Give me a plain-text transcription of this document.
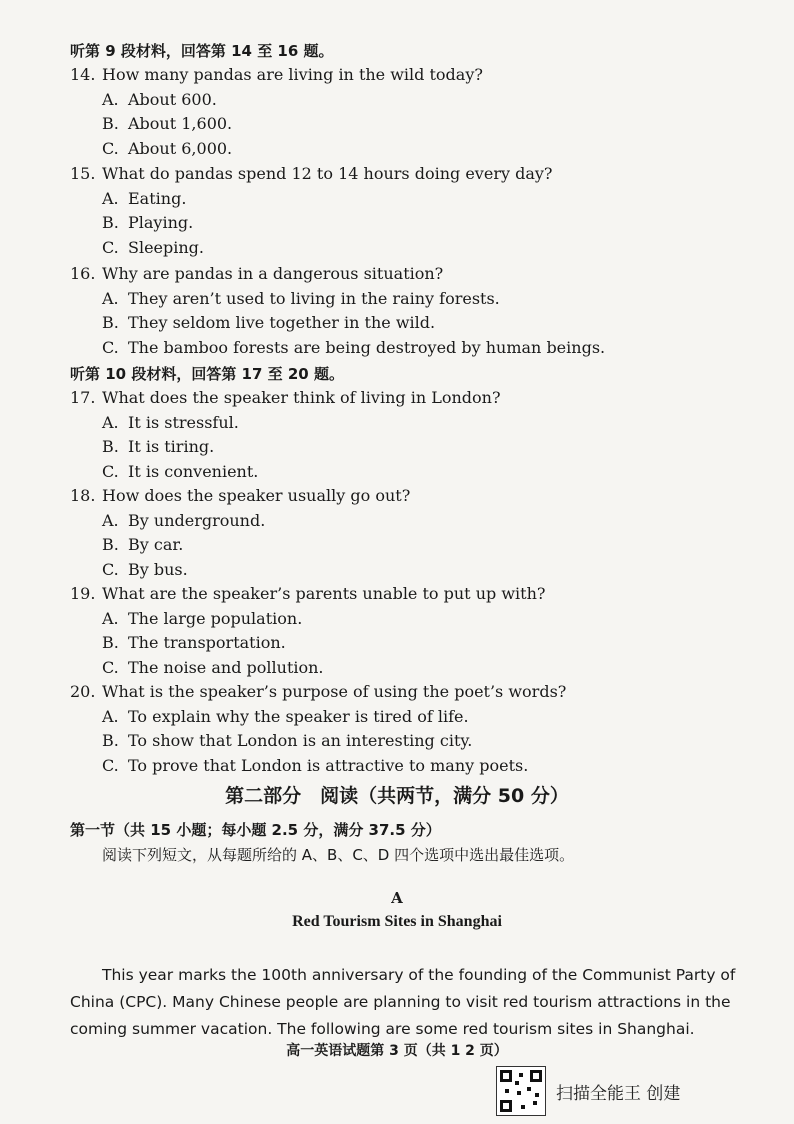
听第 9 段材料，回答第 14 至 16 题。
14. How many pandas are living in the wild today?
A. About 600.
B. About 1,600.
C. About 6,000.
15. What do pandas spend 12 to 14 hours doing every day?
A. Eating.
B. Playing.
C. Sleeping.
16. Why are pandas in a dangerous situation?
A. They aren’t used to living in the rainy forests.
B. They seldom live together in the wild.
C. The bamboo forests are being destroyed by human beings.
听第 10 段材料，回答第 17 至 20 题。
17. What does the speaker think of living in London?
A. It is stressful.
B. It is tiring.
C. It is convenient.
18. How does the speaker usually go out?
A. By underground.
B. By car.
C. By bus.
19. What are the speaker’s parents unable to put up with?
A. The large population.
B. The transportation.
C. The noise and pollution.
20. What is the speaker’s purpose of using the poet’s words?
A. To explain why the speaker is tired of life.
B. To show that London is an interesting city.
C. To prove that London is attractive to many poets.
第二部分　阅读（共两节，满分 50 分）
第一节（共 15 小题；每小题 2.5 分，满分 37.5 分）
阅读下列短文，从每题所给的 A、B、C、D 四个选项中选出最佳选项。
A
Red Tourism Sites in Shanghai
This year marks the 100th anniversary of the founding of the Communist Party of
China (CPC). Many Chinese people are planning to visit red tourism attractions in the
coming summer vacation. The following are some red tourism sites in Shanghai.
高一英语试题第 3 页（共 1 2 页）
扫描全能王 创建
